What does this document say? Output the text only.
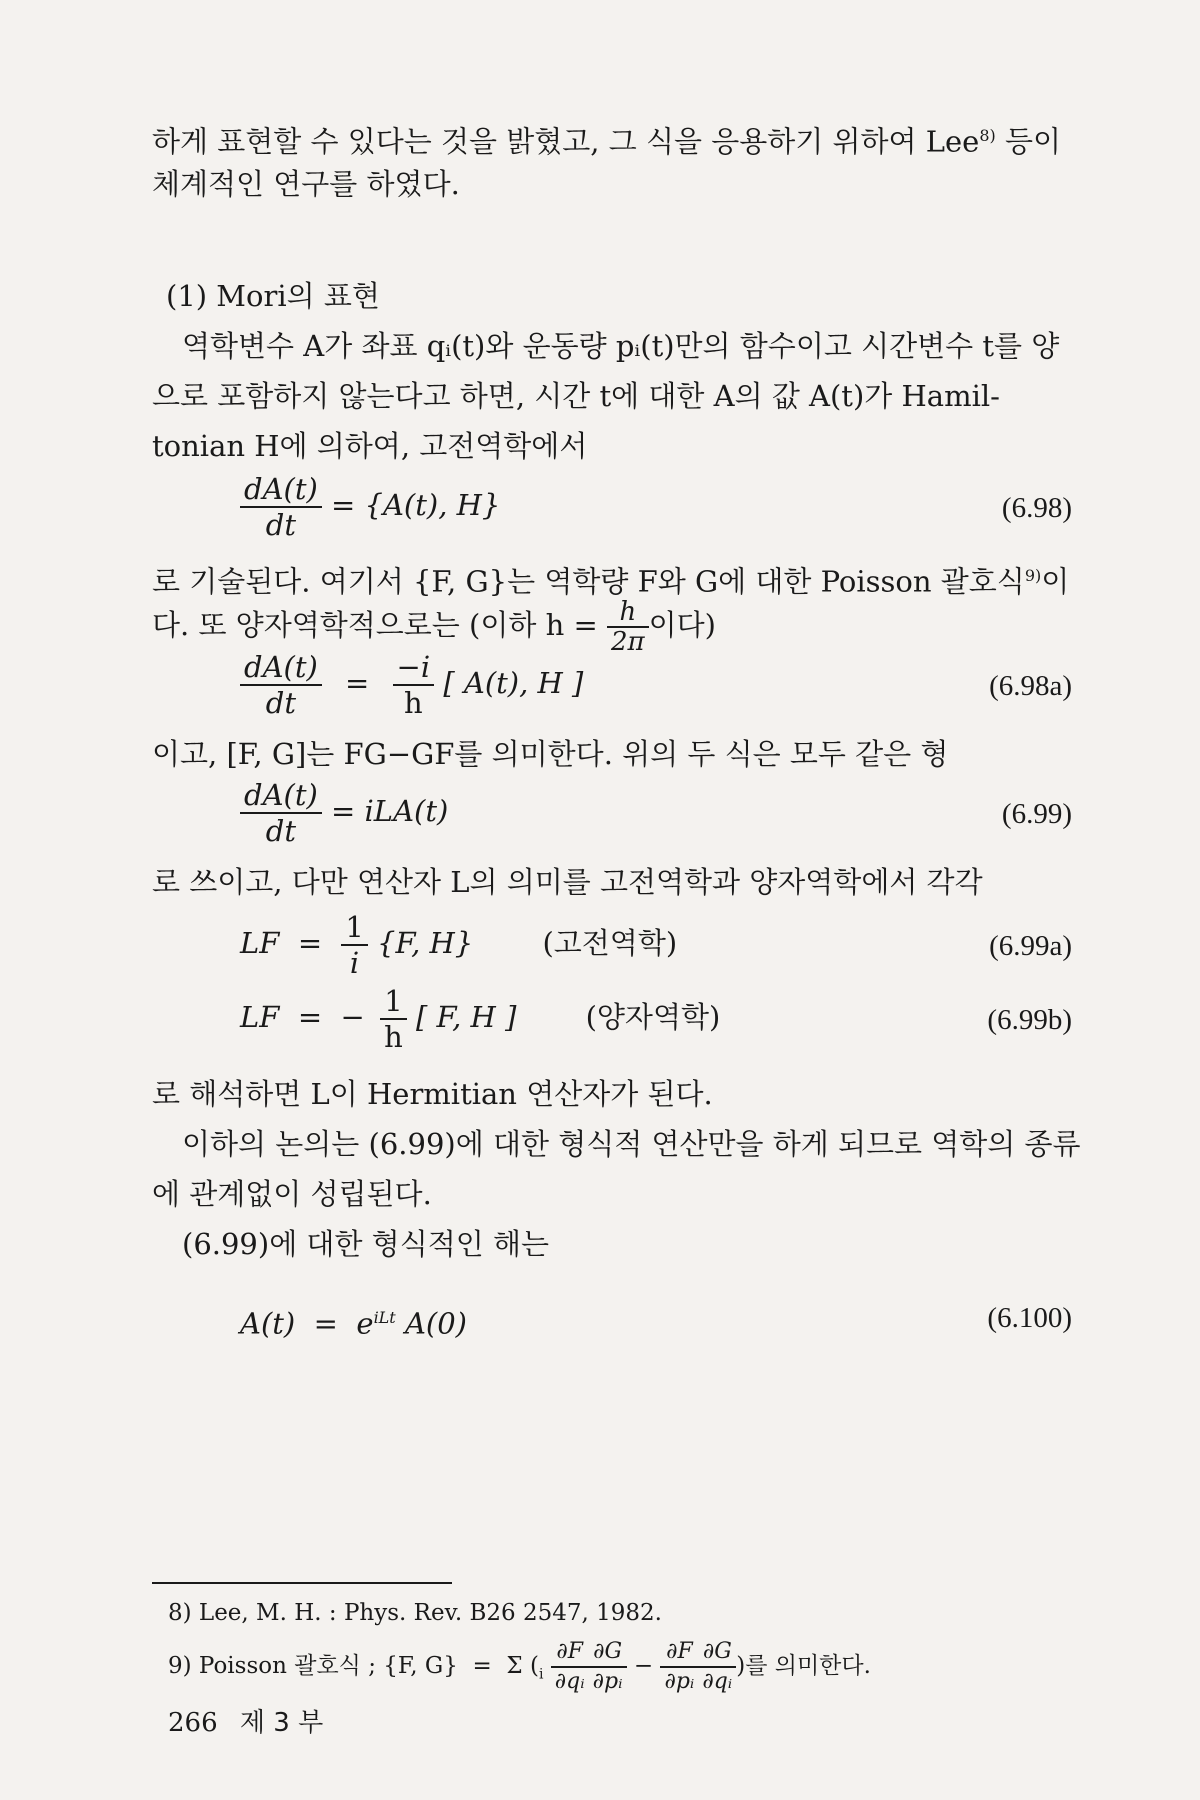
하게 표현할 수 있다는 것을 밝혔고, 그 식을 응용하기 위하여 Lee$^{8)}$ 등이
체계적인 연구를 하였다.
(1) Mori의 표현
역학변수 A가 좌표 qᵢ(t)와 운동량 pᵢ(t)만의 함수이고 시간변수 t를 양
으로 포함하지 않는다고 하면, 시간 t에 대한 A의 값 A(t)가 Hamil-
tonian H에 의하여, 고전역학에서
$\frac{dA(t)}{dt} = \{A(t)$, H}	(6.98)
로 기술된다. 여기서 {F, G}는 역학량 F와 G에 대한 Poisson 괄호식$^{9)}$이
다. 또 양자역학적으로는 (이하 $h = \frac{h}{2\pi}$ 이다)
$\frac{dA(t)}{dt} = \frac{-i}{h}$ [ A(t), H ]	(6.98a)
이고, [F, G]는 FG−GF를 의미한다. 위의 두 식은 모두 같은 형
$\frac{dA(t)}{dt} = iLA(t)$	(6.99)
로 쓰이고, 다만 연산자 L의 의미를 고전역학과 양자역학에서 각각
LF  = $\frac{1}{i} \{F$, H} (고전역학)	(6.99a)
LF  =  − $\frac{1}{h}$ [ F, H ] (양자역학)	(6.99b)
로 해석하면 L이 Hermitian 연산자가 된다.
이하의 논의는 (6.99)에 대한 형식적 연산만을 하게 되므로 역학의 종류
에 관계없이 성립된다.
(6.99)에 대한 형식적인 해는
$A(t) = e^{iLt}$ A(0)	(6.100)
8) Lee, M. H. : Phys. Rev. B26 2547, 1982.
9) Poisson 괄호식 ; {F, G}  =  Σ ($_i \frac{\partial F}{\text{∂qᵢ}} \frac{\partial G}{\text{∂pᵢ}} - \frac{\partial F}{\text{∂pᵢ}} \frac{\partial G}{\text{∂qᵢ}}$ )를 의미한다.
266 제 3 부
